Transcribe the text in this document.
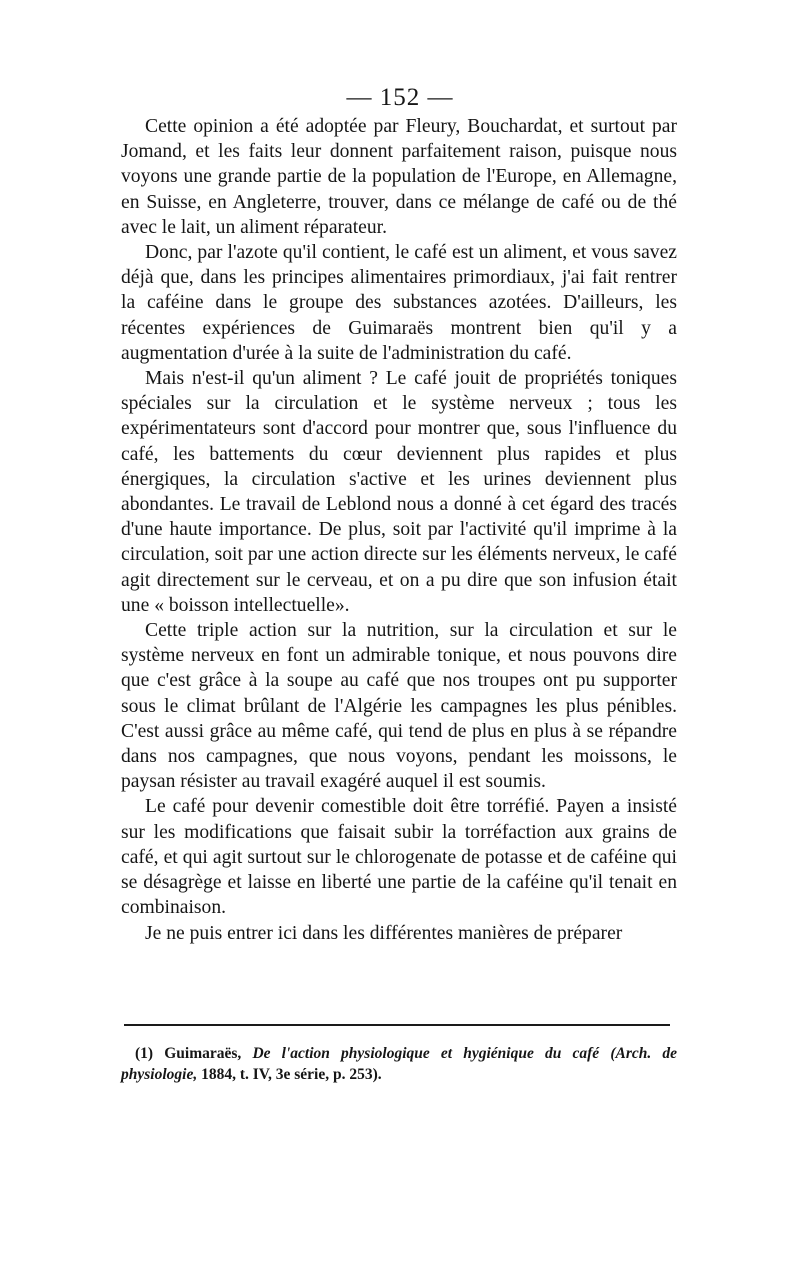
— 152 —

Cette opinion a été adoptée par Fleury, Bouchardat, et surtout par Jomand, et les faits leur donnent parfaitement raison, puisque nous voyons une grande partie de la population de l'Europe, en Allemagne, en Suisse, en Angleterre, trouver, dans ce mélange de café ou de thé avec le lait, un aliment réparateur.

Donc, par l'azote qu'il contient, le café est un aliment, et vous savez déjà que, dans les principes alimentaires primordiaux, j'ai fait rentrer la caféine dans le groupe des substances azotées. D'ailleurs, les récentes expériences de Guimaraës montrent bien qu'il y a augmentation d'urée à la suite de l'administration du café.

Mais n'est-il qu'un aliment ? Le café jouit de propriétés toniques spéciales sur la circulation et le système nerveux ; tous les expérimentateurs sont d'accord pour montrer que, sous l'influence du café, les battements du cœur deviennent plus rapides et plus énergiques, la circulation s'active et les urines deviennent plus abondantes. Le travail de Leblond nous a donné à cet égard des tracés d'une haute importance. De plus, soit par l'activité qu'il imprime à la circulation, soit par une action directe sur les éléments nerveux, le café agit directement sur le cerveau, et on a pu dire que son infusion était une « boisson intellectuelle».

Cette triple action sur la nutrition, sur la circulation et sur le système nerveux en font un admirable tonique, et nous pouvons dire que c'est grâce à la soupe au café que nos troupes ont pu supporter sous le climat brûlant de l'Algérie les campagnes les plus pénibles. C'est aussi grâce au même café, qui tend de plus en plus à se répandre dans nos campagnes, que nous voyons, pendant les moissons, le paysan résister au travail exagéré auquel il est soumis.

Le café pour devenir comestible doit être torréfié. Payen a insisté sur les modifications que faisait subir la torréfaction aux grains de café, et qui agit surtout sur le chlorogenate de potasse et de caféine qui se désagrège et laisse en liberté une partie de la caféine qu'il tenait en combinaison.

Je ne puis entrer ici dans les différentes manières de préparer

(1) Guimaraës, De l'action physiologique et hygiénique du café (Arch. de physiologie, 1884, t. IV, 3e série, p. 253).
